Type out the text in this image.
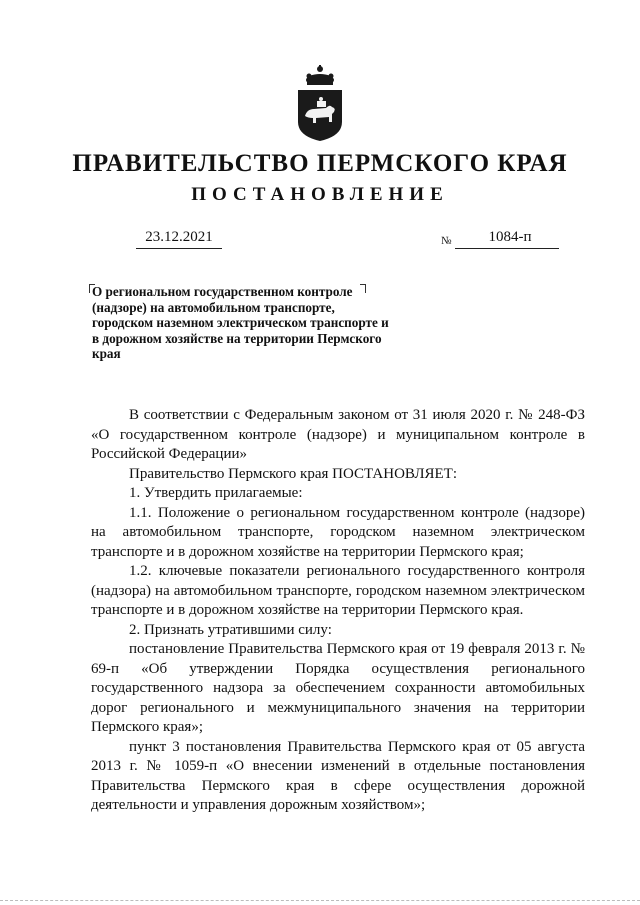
ПРАВИТЕЛЬСТВО ПЕРМСКОГО КРАЯ
ПОСТАНОВЛЕНИЕ
23.12.2021	№	1084-п
О региональном государственном контроле (надзоре) на автомобильном транспорте, городском наземном электрическом транспорте и в дорожном хозяйстве на территории Пермского края

В соответствии с Федеральным законом от 31 июля 2020 г. № 248-ФЗ «О государственном контроле (надзоре) и муниципальном контроле в Российской Федерации»

Правительство Пермского края ПОСТАНОВЛЯЕТ:

1. Утвердить прилагаемые:

1.1. Положение о региональном государственном контроле (надзоре) на автомобильном транспорте, городском наземном электрическом транспорте и в дорожном хозяйстве на территории Пермского края;

1.2. ключевые показатели регионального государственного контроля (надзора) на автомобильном транспорте, городском наземном электрическом транспорте и в дорожном хозяйстве на территории Пермского края.

2. Признать утратившими силу:

постановление Правительства Пермского края от 19 февраля 2013 г. № 69-п «Об утверждении Порядка осуществления регионального государственного надзора за обеспечением сохранности автомобильных дорог регионального и межмуниципального значения на территории Пермского края»;

пункт 3 постановления Правительства Пермского края от 05 августа 2013 г. № 1059-п «О внесении изменений в отдельные постановления Правительства Пермского края в сфере осуществления дорожной деятельности и управления дорожным хозяйством»;
